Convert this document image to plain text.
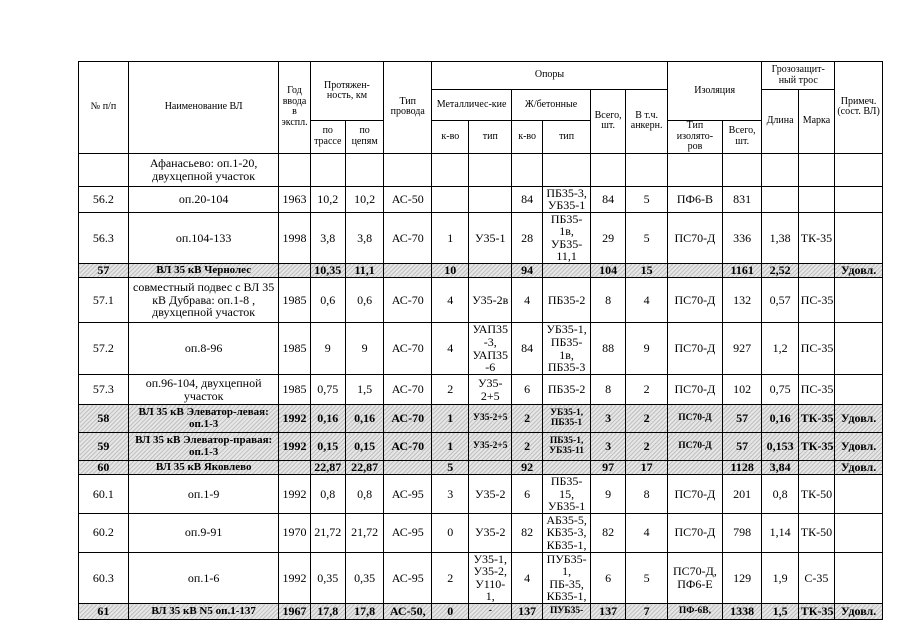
№ п/п	Наименование ВЛ	Год ввода в экспл.	Протяжен-ность, км		Тип провода	Опоры						Изоляция		Грозозащит-ный трос		Примеч. (сост. ВЛ)
						Металличес-кие		Ж/бетонные		Всего, шт.	В т.ч. анкерн.			Длина	Марка	
			по трассе	по цепям		к-во	тип	к-во	тип			Тип изолято-ров	Всего, шт.			
	Афанасьево: оп.1-20, двухцепной участок															
56.2	оп.20-104	1963	10,2	10,2	АС-50			84	ПБ35-3, УБ35-1	84	5	ПФ6-В	831			
56.3	оп.104-133	1998	3,8	3,8	АС-70	1	У35-1	28	ПБ35-1в, УБ35-11,1	29	5	ПС70-Д	336	1,38	ТК-35	
57	ВЛ 35 кВ Чернолес		10,35	11,1		10		94		104	15		1161	2,52		Удовл.
57.1	совместный подвес с ВЛ 35 кВ Дубрава: оп.1-8 , двухцепной участок	1985	0,6	0,6	АС-70	4	У35-2в	4	ПБ35-2	8	4	ПС70-Д	132	0,57	ПС-35	
57.2	оп.8-96	1985	9	9	АС-70	4	УАП35 -3, УАП35 -6	84	УБ35-1, ПБ35-1в, ПБ35-3	88	9	ПС70-Д	927	1,2	ПС-35	
57.3	оп.96-104, двухцепной участок	1985	0,75	1,5	АС-70	2	У35-2+5	6	ПБ35-2	8	2	ПС70-Д	102	0,75	ПС-35	
58	ВЛ 35 кВ Элеватор-левая: оп.1-3	1992	0,16	0,16	АС-70	1	У35-2+5	2	УБ35-1, ПБ35-1	3	2	ПС70-Д	57	0,16	ТК-35	Удовл.
59	ВЛ 35 кВ Элеватор-правая: оп.1-3	1992	0,15	0,15	АС-70	1	У35-2+5	2	ПБ35-1, УБ35-11	3	2	ПС70-Д	57	0,153	ТК-35	Удовл.
60	ВЛ 35 кВ Яковлево		22,87	22,87		5		92		97	17		1128	3,84		Удовл.
60.1	оп.1-9	1992	0,8	0,8	АС-95	3	У35-2	6	ПБ35-15, УБ35-1	9	8	ПС70-Д	201	0,8	ТК-50	
60.2	оп.9-91	1970	21,72	21,72	АС-95	0	У35-2	82	АБ35-5, КБ35-3, КБ35-1,	82	4	ПС70-Д	798	1,14	ТК-50	
60.3	оп.1-6	1992	0,35	0,35	АС-95	2	У35-1, У35-2, У110-1,	4	ПУБ35-1, ПБ-35, КБ35-1,	6	5	ПС70-Д, ПФ6-Е	129	1,9	С-35	
61	ВЛ 35 кВ N5 оп.1-137	1967	17,8	17,8	АС-50,	0	-	137	ПУБ35-	137	7	ПФ-6В,	1338	1,5	ТК-35	Удовл.
